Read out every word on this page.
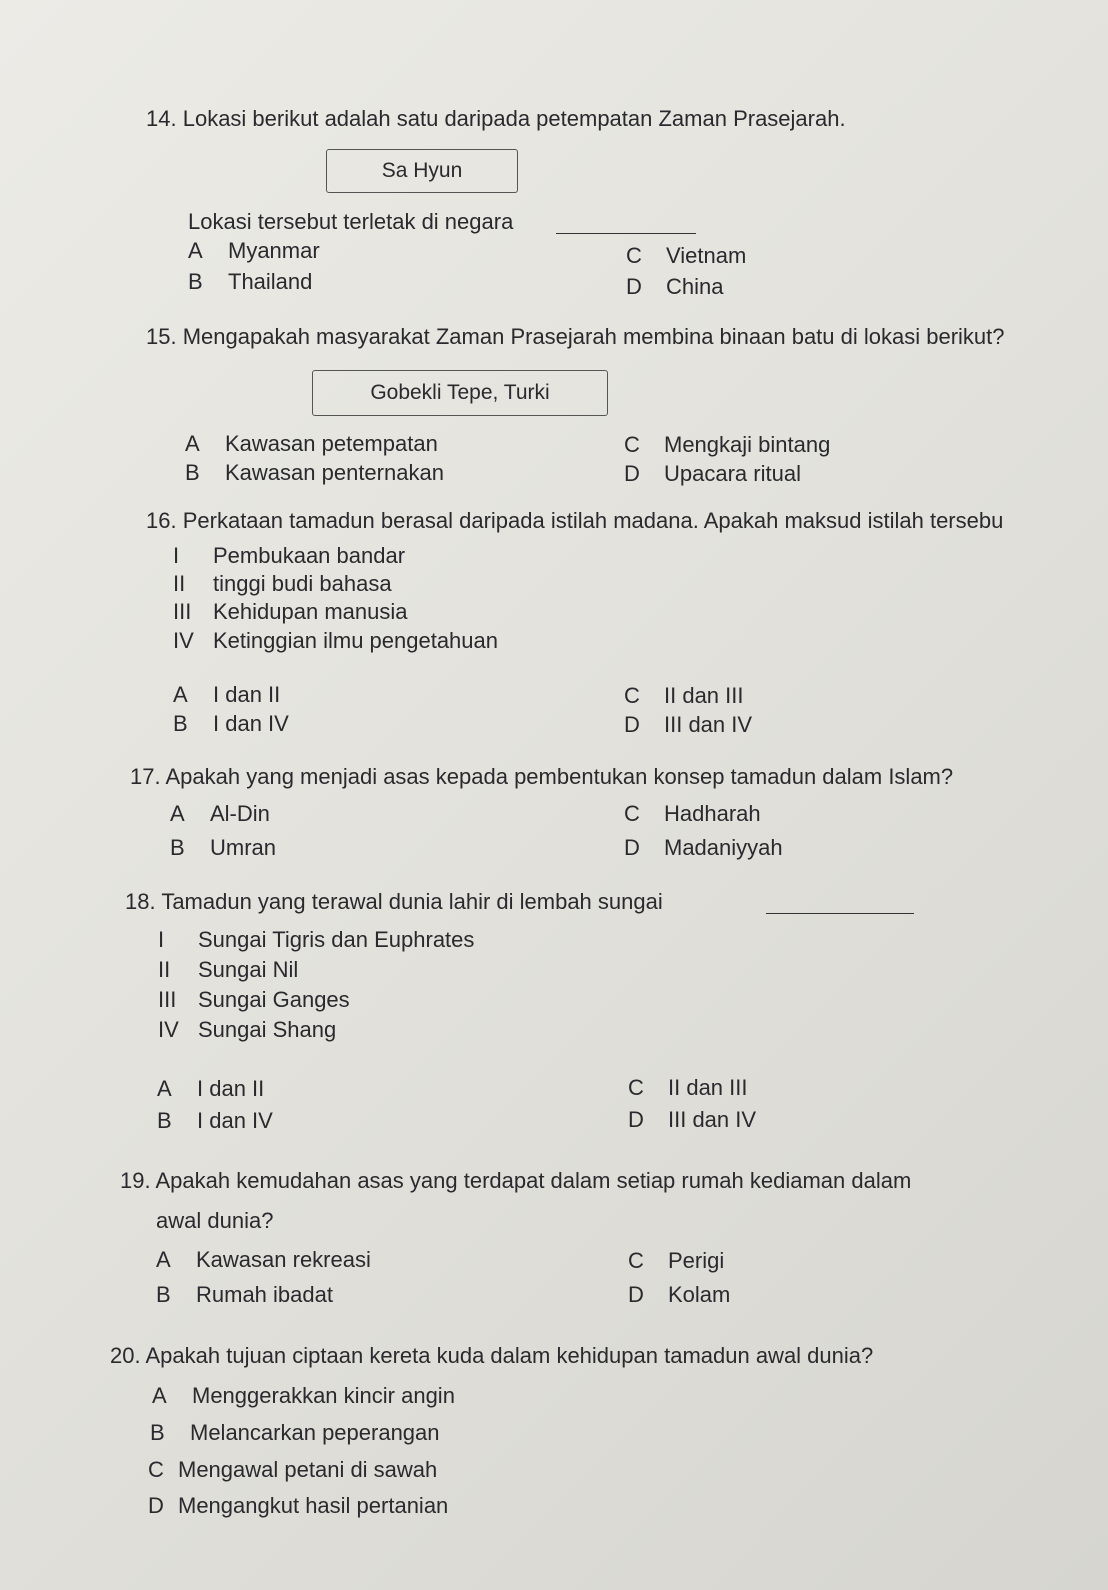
14. Lokasi berikut adalah satu daripada petempatan Zaman Prasejarah.
Sa Hyun
Lokasi tersebut terletak di negara
A Myanmar
B Thailand
C Vietnam
D China
15. Mengapakah masyarakat Zaman Prasejarah membina binaan batu di lokasi berikut?
Gobekli Tepe, Turki
A Kawasan petempatan
B Kawasan penternakan
C Mengkaji bintang
D Upacara ritual
16. Perkataan tamadun berasal daripada istilah madana. Apakah maksud istilah tersebu
I Pembukaan bandar
II tinggi budi bahasa
III Kehidupan manusia
IV Ketinggian ilmu pengetahuan
A I dan II
B I dan IV
C II dan III
D III dan IV
17. Apakah yang menjadi asas kepada pembentukan konsep tamadun dalam Islam?
A Al-Din
B Umran
C Hadharah
D Madaniyyah
18. Tamadun yang terawal dunia lahir di lembah sungai
I Sungai Tigris dan Euphrates
II Sungai Nil
III Sungai Ganges
IV Sungai Shang
A I dan II
B I dan IV
C II dan III
D III dan IV
19. Apakah kemudahan asas yang terdapat dalam setiap rumah kediaman dalam
awal dunia?
A Kawasan rekreasi
B Rumah ibadat
C Perigi
D Kolam
20. Apakah tujuan ciptaan kereta kuda dalam kehidupan tamadun awal dunia?
A Menggerakkan kincir angin
B Melancarkan peperangan
C Mengawal petani di sawah
D Mengangkut hasil pertanian
